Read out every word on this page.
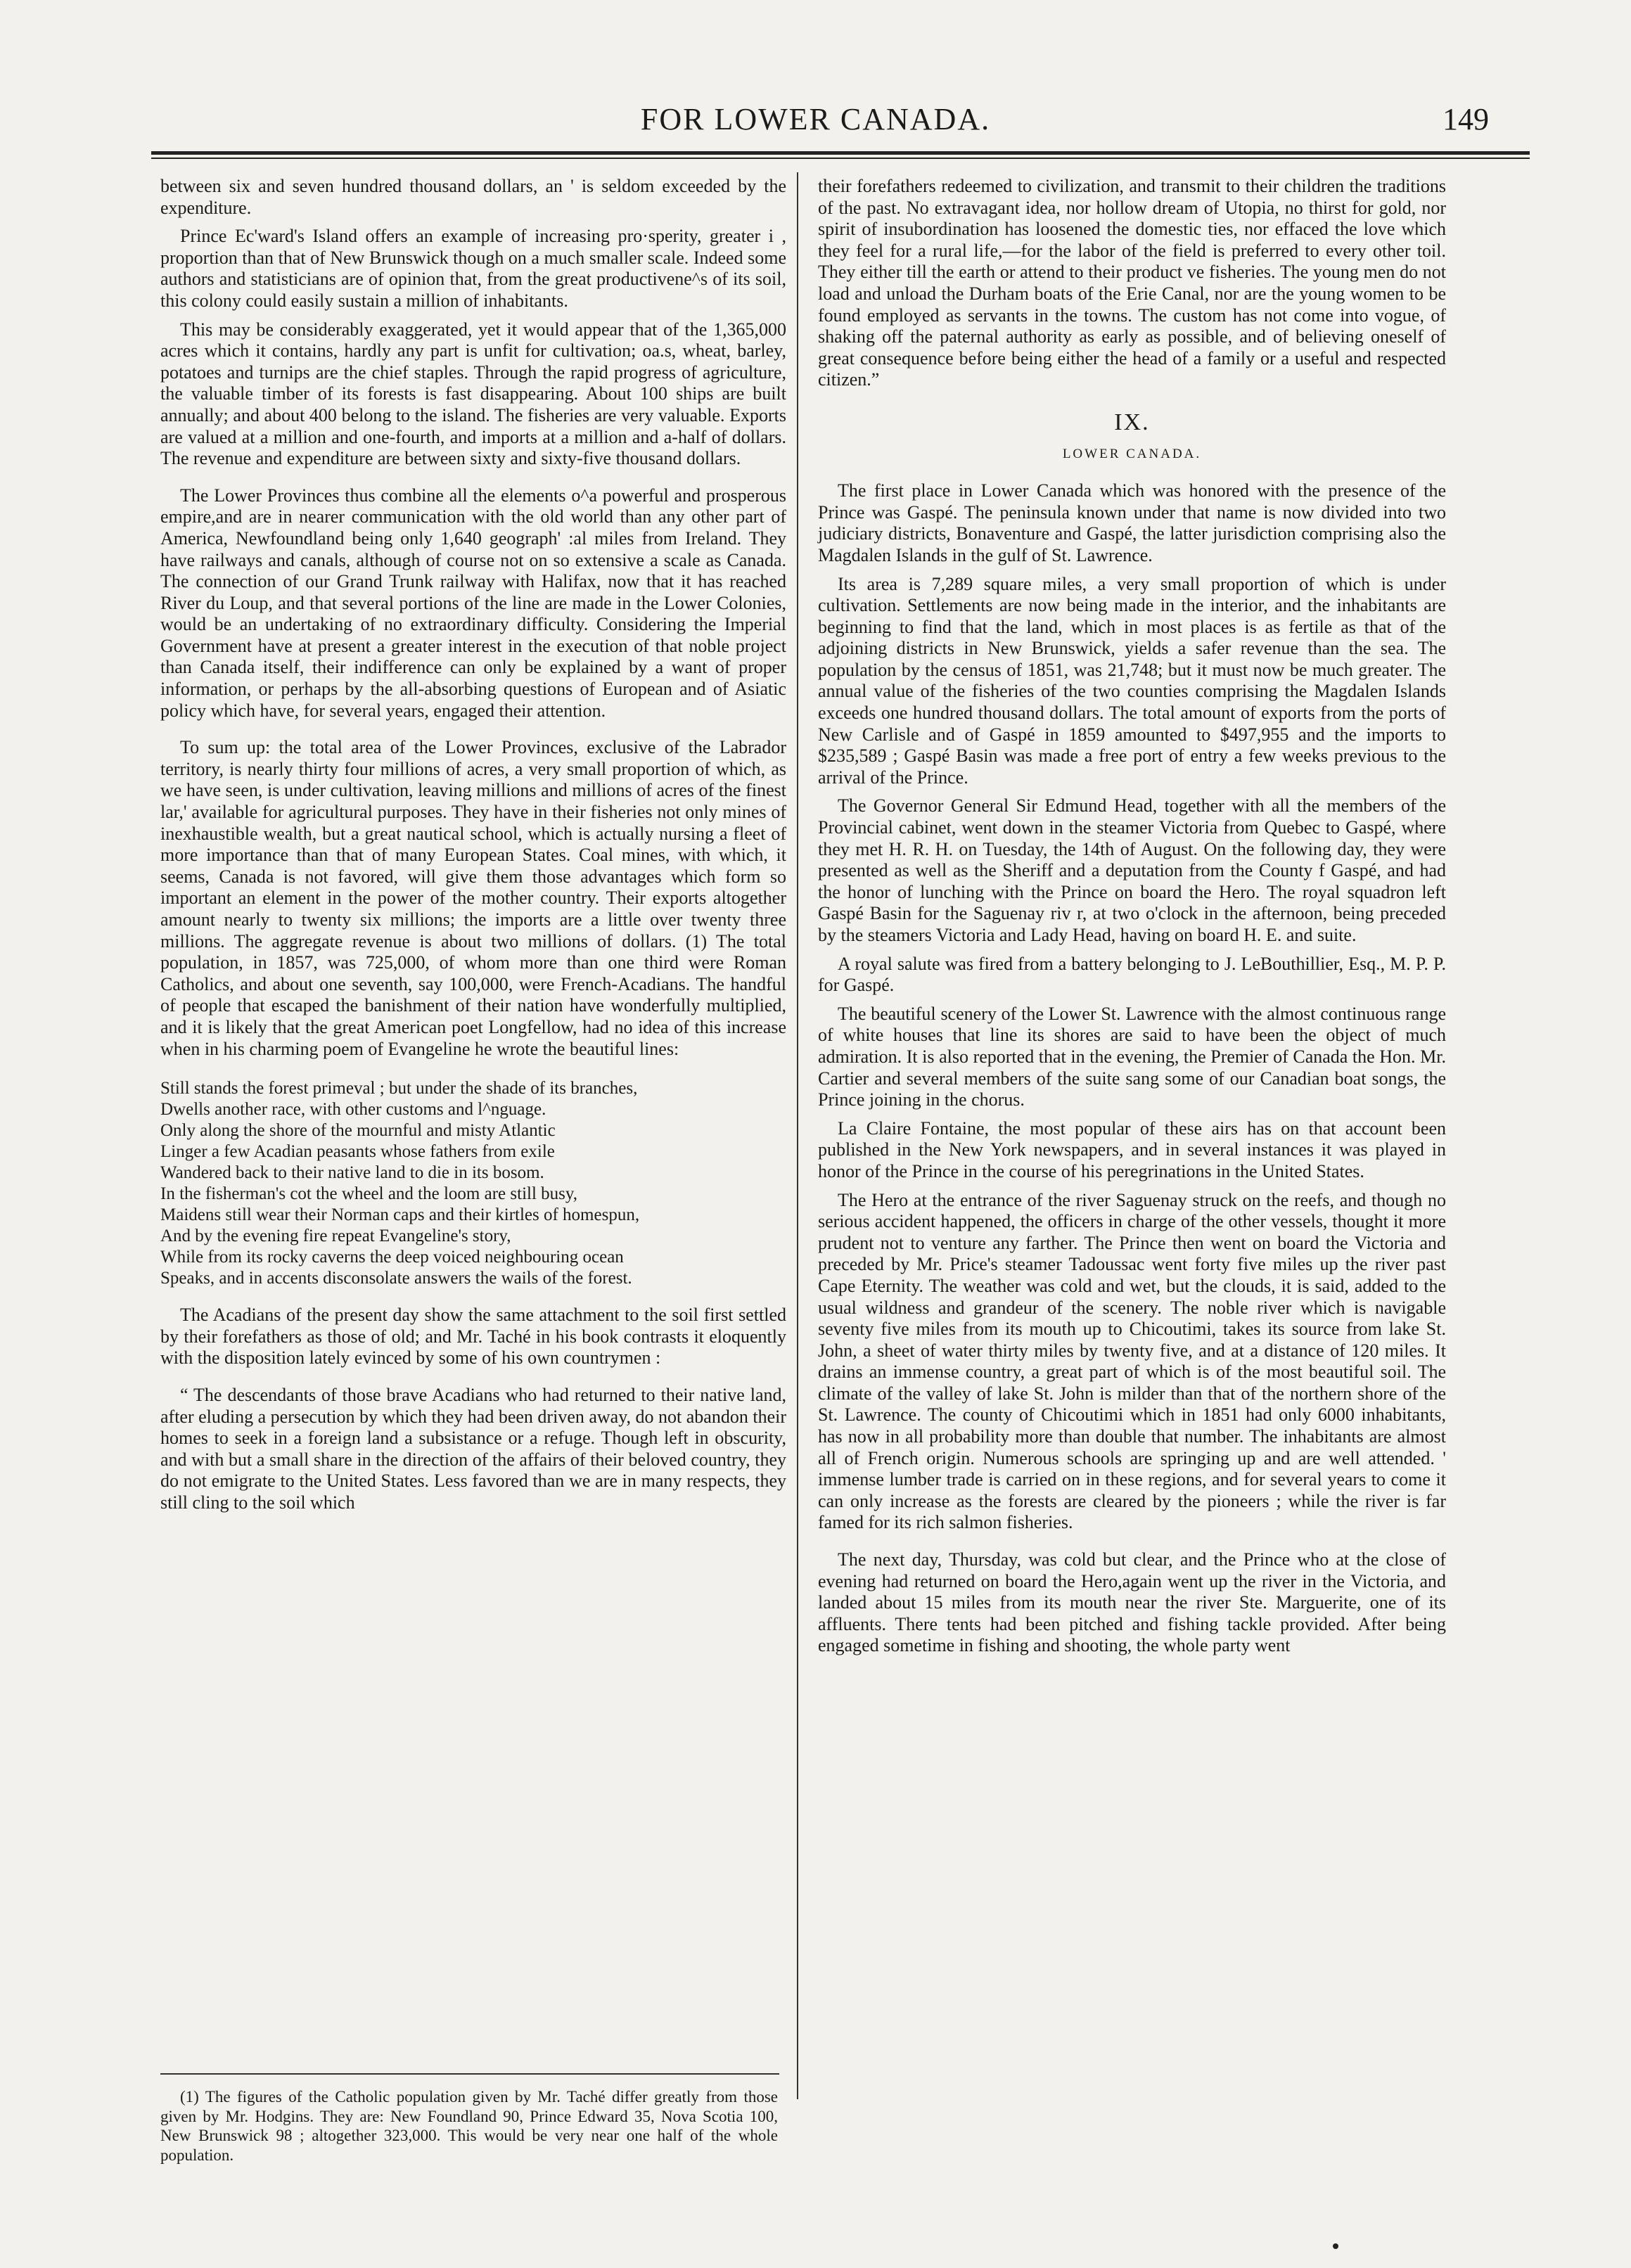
FOR LOWER CANADA.	149

between six and seven hundred thousand dollars, an ' is seldom exceeded by the expenditure.

Prince Ec'ward's Island offers an example of increasing pro·sperity, greater i , proportion than that of New Brunswick though on a much smaller scale. Indeed some authors and statisticians are of opinion that, from the great productivene^s of its soil, this colony could easily sustain a million of inhabitants.

This may be considerably exaggerated, yet it would appear that of the 1,365,000 acres which it contains, hardly any part is unfit for cultivation; oa.s, wheat, barley, potatoes and turnips are the chief staples. Through the rapid progress of agriculture, the valuable timber of its forests is fast disappearing. About 100 ships are built annually; and about 400 belong to the island. The fisheries are very valuable. Exports are valued at a million and one-fourth, and imports at a million and a-half of dollars. The revenue and expenditure are between sixty and sixty-five thousand dollars.

The Lower Provinces thus combine all the elements o^a powerful and prosperous empire,and are in nearer communication with the old world than any other part of America, Newfoundland being only 1,640 geograph' :al miles from Ireland. They have railways and canals, although of course not on so extensive a scale as Canada. The connection of our Grand Trunk railway with Halifax, now that it has reached River du Loup, and that several portions of the line are made in the Lower Colonies, would be an undertaking of no extraordinary difficulty. Considering the Imperial Government have at present a greater interest in the execution of that noble project than Canada itself, their indifference can only be explained by a want of proper information, or perhaps by the all-absorbing questions of European and of Asiatic policy which have, for several years, engaged their attention.

To sum up: the total area of the Lower Provinces, exclusive of the Labrador territory, is nearly thirty four millions of acres, a very small proportion of which, as we have seen, is under cultivation, leaving millions and millions of acres of the finest lar,' available for agricultural purposes. They have in their fisheries not only mines of inexhaustible wealth, but a great nautical school, which is actually nursing a fleet of more importance than that of many European States. Coal mines, with which, it seems, Canada is not favored, will give them those advantages which form so important an element in the power of the mother country. Their exports altogether amount nearly to twenty six millions; the imports are a little over twenty three millions. The aggregate revenue is about two millions of dollars. (1) The total population, in 1857, was 725,000, of whom more than one third were Roman Catholics, and about one seventh, say 100,000, were French-Acadians. The handful of people that escaped the banishment of their nation have wonderfully multiplied, and it is likely that the great American poet Longfellow, had no idea of this increase when in his charming poem of Evangeline he wrote the beautiful lines:

Still stands the forest primeval ; but under the shade of its branches,
Dwells another race, with other customs and l^nguage.
Only along the shore of the mournful and misty Atlantic
Linger a few Acadian peasants whose fathers from exile
Wandered back to their native land to die in its bosom.
In the fisherman's cot the wheel and the loom are still busy,
Maidens still wear their Norman caps and their kirtles of homespun,
And by the evening fire repeat Evangeline's story,
While from its rocky caverns the deep voiced neighbouring ocean
Speaks, and in accents disconsolate answers the wails of the forest.

The Acadians of the present day show the same attachment to the soil first settled by their forefathers as those of old; and Mr. Taché in his book contrasts it eloquently with the disposition lately evinced by some of his own countrymen :

“ The descendants of those brave Acadians who had returned to their native land, after eluding a persecution by which they had been driven away, do not abandon their homes to seek in a foreign land a subsistance or a refuge. Though left in obscurity, and with but a small share in the direction of the affairs of their beloved country, they do not emigrate to the United States. Less favored than we are in many respects, they still cling to the soil which

(1) The figures of the Catholic population given by Mr. Taché differ greatly from those given by Mr. Hodgins. They are: New Foundland 90, Prince Edward 35, Nova Scotia 100, New Brunswick 98 ; altogether 323,000. This would be very near one half of the whole population.

their forefathers redeemed to civilization, and transmit to their children the traditions of the past. No extravagant idea, nor hollow dream of Utopia, no thirst for gold, nor spirit of insubordination has loosened the domestic ties, nor effaced the love which they feel for a rural life,—for the labor of the field is preferred to every other toil. They either till the earth or attend to their product ve fisheries. The young men do not load and unload the Durham boats of the Erie Canal, nor are the young women to be found employed as servants in the towns. The custom has not come into vogue, of shaking off the paternal authority as early as possible, and of believing oneself of great consequence before being either the head of a family or a useful and respected citizen.”

IX.
LOWER CANADA.

The first place in Lower Canada which was honored with the presence of the Prince was Gaspé. The peninsula known under that name is now divided into two judiciary districts, Bonaventure and Gaspé, the latter jurisdiction comprising also the Magdalen Islands in the gulf of St. Lawrence.

Its area is 7,289 square miles, a very small proportion of which is under cultivation. Settlements are now being made in the interior, and the inhabitants are beginning to find that the land, which in most places is as fertile as that of the adjoining districts in New Brunswick, yields a safer revenue than the sea. The population by the census of 1851, was 21,748; but it must now be much greater. The annual value of the fisheries of the two counties comprising the Magdalen Islands exceeds one hundred thousand dollars. The total amount of exports from the ports of New Carlisle and of Gaspé in 1859 amounted to $497,955 and the imports to $235,589 ; Gaspé Basin was made a free port of entry a few weeks previous to the arrival of the Prince.

The Governor General Sir Edmund Head, together with all the members of the Provincial cabinet, went down in the steamer Victoria from Quebec to Gaspé, where they met H. R. H. on Tuesday, the 14th of August. On the following day, they were presented as well as the Sheriff and a deputation from the County f Gaspé, and had the honor of lunching with the Prince on board the Hero. The royal squadron left Gaspé Basin for the Saguenay riv r, at two o'clock in the afternoon, being preceded by the steamers Victoria and Lady Head, having on board H. E. and suite.

A royal salute was fired from a battery belonging to J. LeBouthillier, Esq., M. P. P. for Gaspé.

The beautiful scenery of the Lower St. Lawrence with the almost continuous range of white houses that line its shores are said to have been the object of much admiration. It is also reported that in the evening, the Premier of Canada the Hon. Mr. Cartier and several members of the suite sang some of our Canadian boat songs, the Prince joining in the chorus.

La Claire Fontaine, the most popular of these airs has on that account been published in the New York newspapers, and in several instances it was played in honor of the Prince in the course of his peregrinations in the United States.

The Hero at the entrance of the river Saguenay struck on the reefs, and though no serious accident happened, the officers in charge of the other vessels, thought it more prudent not to venture any farther. The Prince then went on board the Victoria and preceded by Mr. Price's steamer Tadoussac went forty five miles up the river past Cape Eternity. The weather was cold and wet, but the clouds, it is said, added to the usual wildness and grandeur of the scenery. The noble river which is navigable seventy five miles from its mouth up to Chicoutimi, takes its source from lake St. John, a sheet of water thirty miles by twenty five, and at a distance of 120 miles. It drains an immense country, a great part of which is of the most beautiful soil. The climate of the valley of lake St. John is milder than that of the northern shore of the St. Lawrence. The county of Chicoutimi which in 1851 had only 6000 inhabitants, has now in all probability more than double that number. The inhabitants are almost all of French origin. Numerous schools are springing up and are well attended. ' immense lumber trade is carried on in these regions, and for several years to come it can only increase as the forests are cleared by the pioneers ; while the river is far famed for its rich salmon fisheries.

The next day, Thursday, was cold but clear, and the Prince who at the close of evening had returned on board the Hero,again went up the river in the Victoria, and landed about 15 miles from its mouth near the river Ste. Marguerite, one of its affluents. There tents had been pitched and fishing tackle provided. After being engaged sometime in fishing and shooting, the whole party went
